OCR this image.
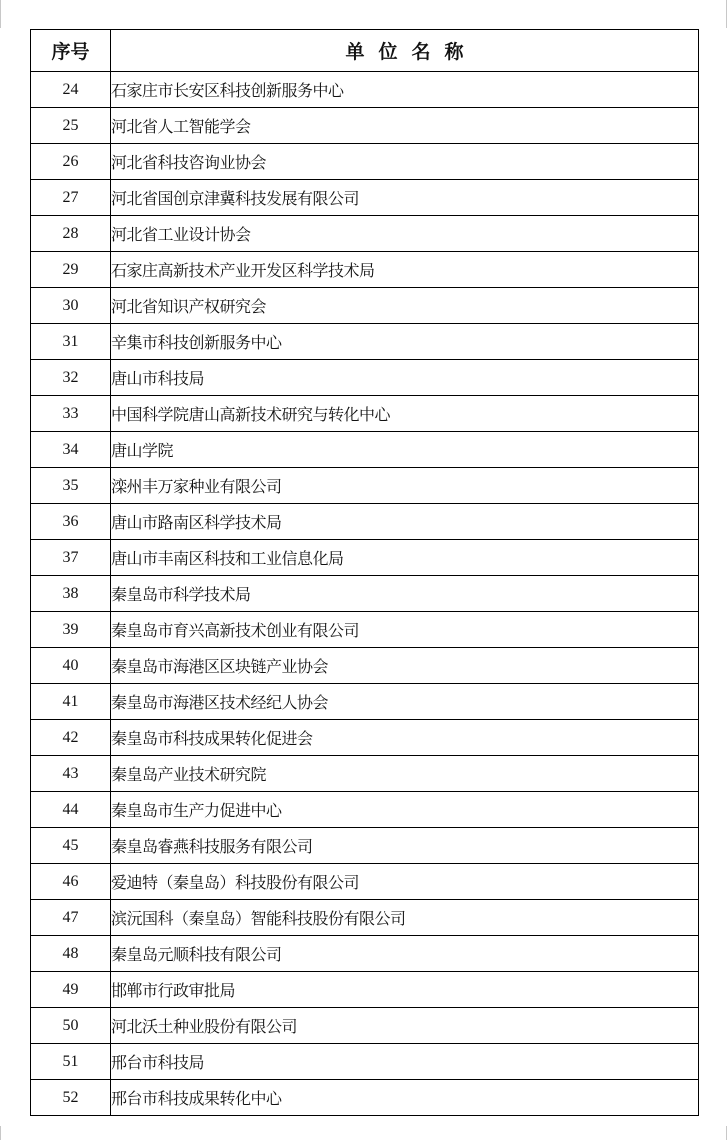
序号	单位名称
24	石家庄市长安区科技创新服务中心
25	河北省人工智能学会
26	河北省科技咨询业协会
27	河北省国创京津冀科技发展有限公司
28	河北省工业设计协会
29	石家庄高新技术产业开发区科学技术局
30	河北省知识产权研究会
31	辛集市科技创新服务中心
32	唐山市科技局
33	中国科学院唐山高新技术研究与转化中心
34	唐山学院
35	滦州丰万家种业有限公司
36	唐山市路南区科学技术局
37	唐山市丰南区科技和工业信息化局
38	秦皇岛市科学技术局
39	秦皇岛市育兴高新技术创业有限公司
40	秦皇岛市海港区区块链产业协会
41	秦皇岛市海港区技术经纪人协会
42	秦皇岛市科技成果转化促进会
43	秦皇岛产业技术研究院
44	秦皇岛市生产力促进中心
45	秦皇岛睿燕科技服务有限公司
46	爱迪特（秦皇岛）科技股份有限公司
47	滨沅国科（秦皇岛）智能科技股份有限公司
48	秦皇岛元顺科技有限公司
49	邯郸市行政审批局
50	河北沃土种业股份有限公司
51	邢台市科技局
52	邢台市科技成果转化中心
